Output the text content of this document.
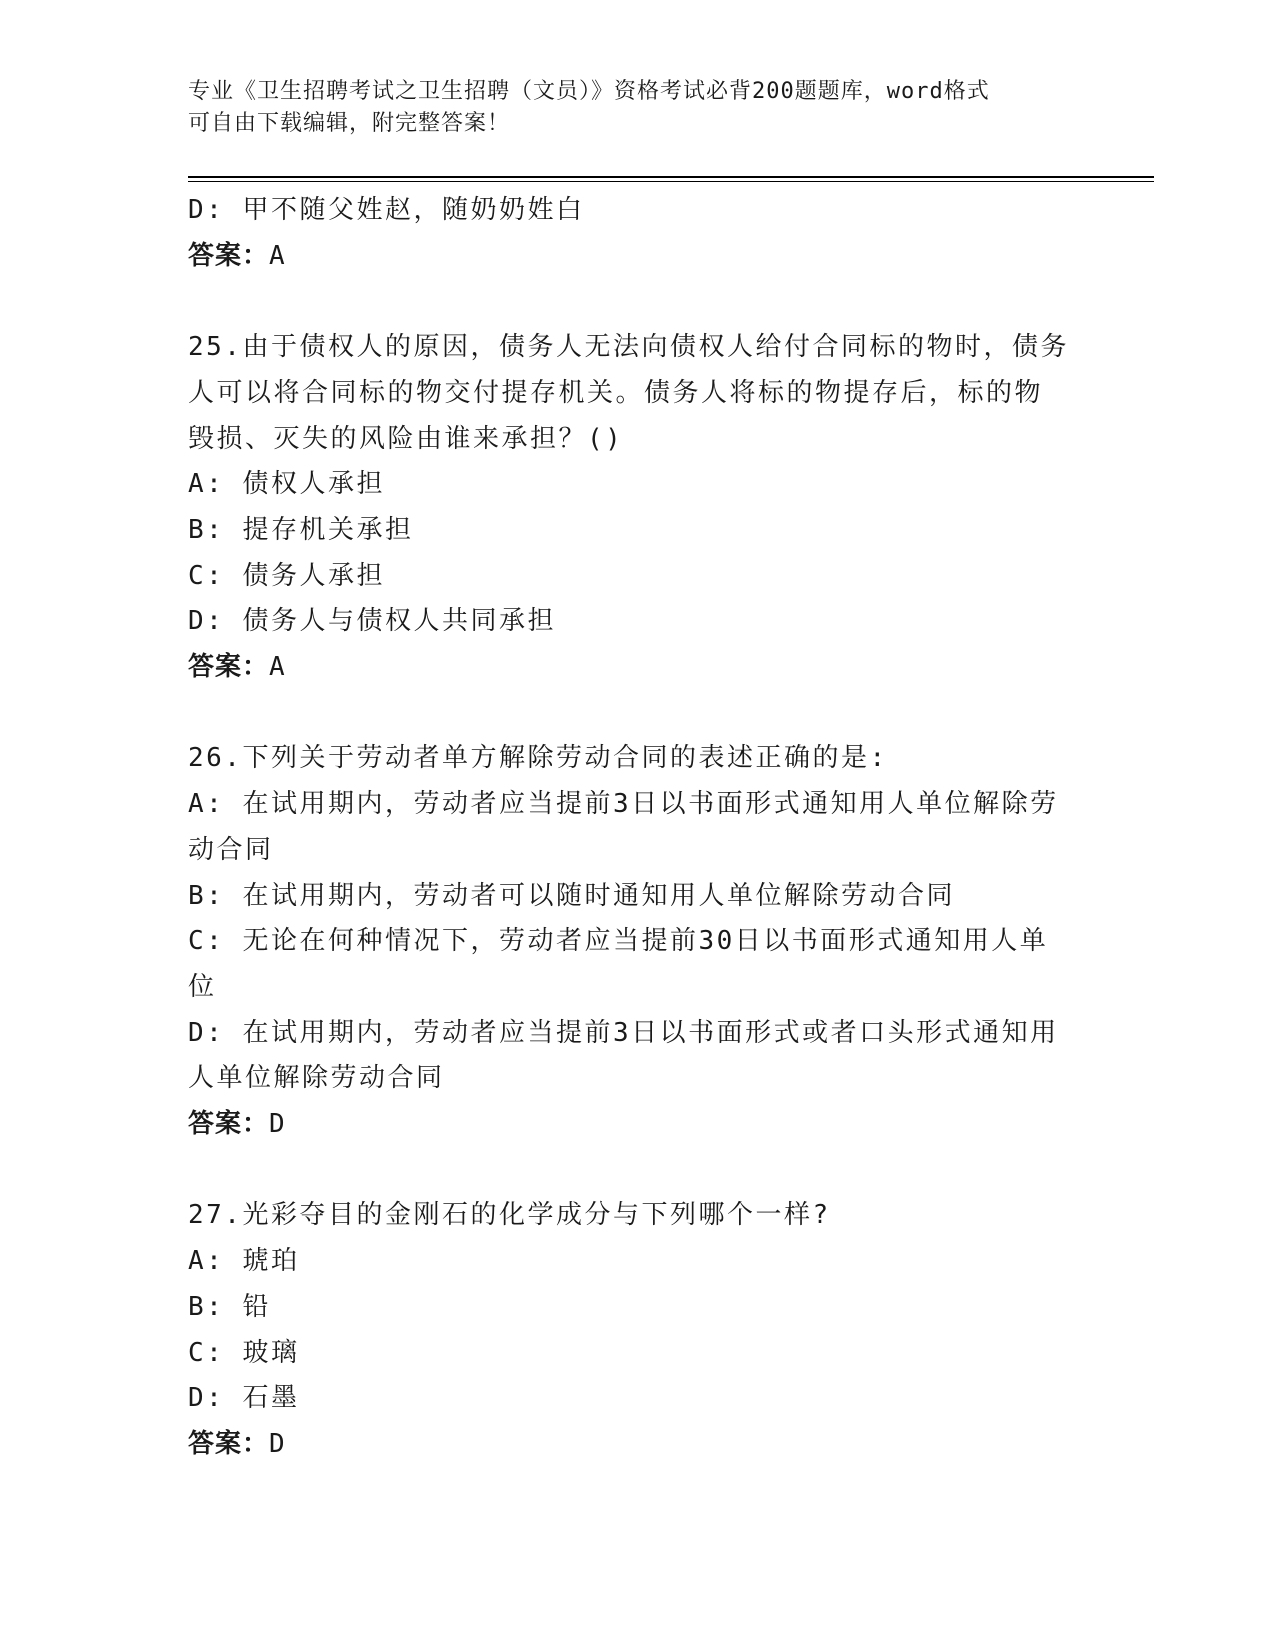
专业《卫生招聘考试之卫生招聘（文员）》资格考试必背200题题库，word格式
可自由下载编辑，附完整答案！
D: 甲不随父姓赵，随奶奶姓白
答案：A
25.由于债权人的原因，债务人无法向债权人给付合同标的物时，债务
人可以将合同标的物交付提存机关。债务人将标的物提存后，标的物
毁损、灭失的风险由谁来承担？()
A: 债权人承担
B: 提存机关承担
C: 债务人承担
D: 债务人与债权人共同承担
答案：A
26.下列关于劳动者单方解除劳动合同的表述正确的是:
A: 在试用期内，劳动者应当提前3日以书面形式通知用人单位解除劳
动合同
B: 在试用期内，劳动者可以随时通知用人单位解除劳动合同
C: 无论在何种情况下，劳动者应当提前30日以书面形式通知用人单
位
D: 在试用期内，劳动者应当提前3日以书面形式或者口头形式通知用
人单位解除劳动合同
答案：D
27.光彩夺目的金刚石的化学成分与下列哪个一样?
A: 琥珀
B: 铅
C: 玻璃
D: 石墨
答案：D
